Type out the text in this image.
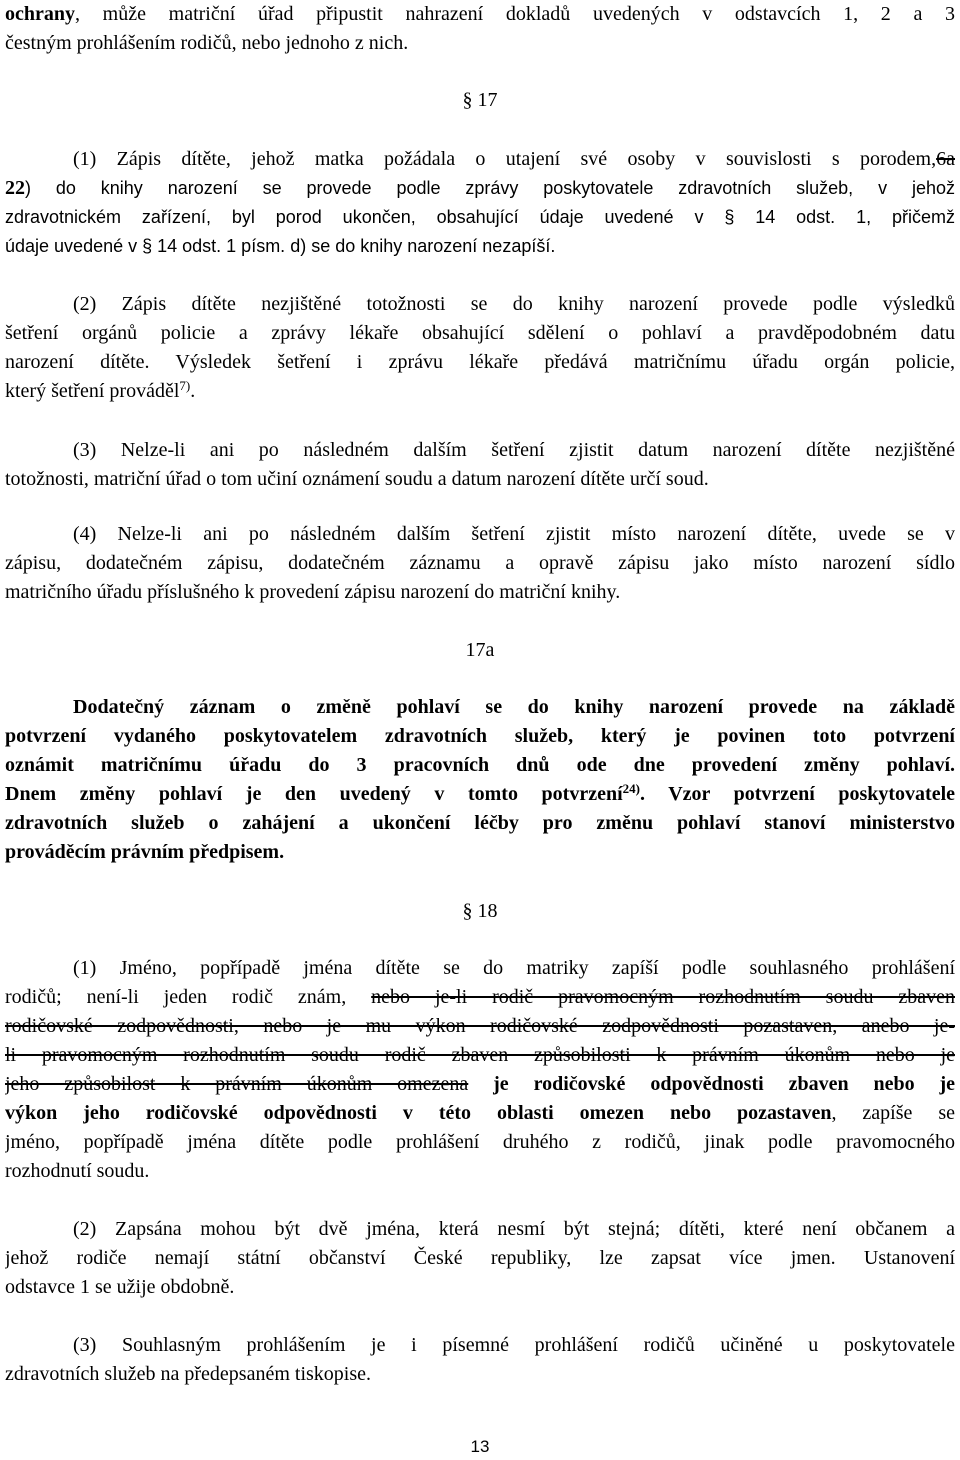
ochrany, může matriční úřad připustit nahrazení dokladů uvedených v odstavcích 1, 2 a 3
čestným prohlášením rodičů, nebo jednoho z nich.
§ 17
(1) Zápis dítěte, jehož matka požádala o utajení své osoby v souvislosti s porodem,6a
22) do knihy narození se provede podle zprávy poskytovatele zdravotních služeb, v jehož
zdravotnickém zařízení, byl porod ukončen, obsahující údaje uvedené v § 14 odst. 1, přičemž
údaje uvedené v § 14 odst. 1 písm. d) se do knihy narození nezapíší.
(2) Zápis dítěte nezjištěné totožnosti se do knihy narození provede podle výsledků
šetření orgánů policie a zprávy lékaře obsahující sdělení o pohlaví a pravděpodobném datu
narození dítěte. Výsledek šetření i zprávu lékaře předává matričnímu úřadu orgán policie,
který šetření prováděl$^{7)}$.
(3) Nelze-li ani po následném dalším šetření zjistit datum narození dítěte nezjištěné
totožnosti, matriční úřad o tom učiní oznámení soudu a datum narození dítěte určí soud.
(4) Nelze-li ani po následném dalším šetření zjistit místo narození dítěte, uvede se v
zápisu, dodatečném zápisu, dodatečném záznamu a opravě zápisu jako místo narození sídlo
matričního úřadu příslušného k provedení zápisu narození do matriční knihy.
17a
Dodatečný záznam o změně pohlaví se do knihy narození provede na základě
potvrzení vydaného poskytovatelem zdravotních služeb, který je povinen toto potvrzení
oznámit matričnímu úřadu do 3 pracovních dnů ode dne provedení změny pohlaví.
Dnem změny pohlaví je den uvedený v tomto potvrzení$^{24)}$. Vzor potvrzení poskytovatele
zdravotních služeb o zahájení a ukončení léčby pro změnu pohlaví stanoví ministerstvo
prováděcím právním předpisem.
§ 18
(1) Jméno, popřípadě jména dítěte se do matriky zapíší podle souhlasného prohlášení
rodičů; není-li jeden rodič znám, nebo je-li rodič pravomocným rozhodnutím soudu zbaven
rodičovské zodpovědnosti, nebo je mu výkon rodičovské zodpovědnosti pozastaven, anebo je-
li pravomocným rozhodnutím soudu rodič zbaven způsobilosti k právním úkonům nebo je
jeho způsobilost k právním úkonům omezena je rodičovské odpovědnosti zbaven nebo je
výkon jeho rodičovské odpovědnosti v této oblasti omezen nebo pozastaven, zapíše se
jméno, popřípadě jména dítěte podle prohlášení druhého z rodičů, jinak podle pravomocného
rozhodnutí soudu.
(2) Zapsána mohou být dvě jména, která nesmí být stejná; dítěti, které není občanem a
jehož rodiče nemají státní občanství České republiky, lze zapsat více jmen. Ustanovení
odstavce 1 se užije obdobně.
(3) Souhlasným prohlášením je i písemné prohlášení rodičů učiněné u poskytovatele
zdravotních služeb na předepsaném tiskopise.
13
